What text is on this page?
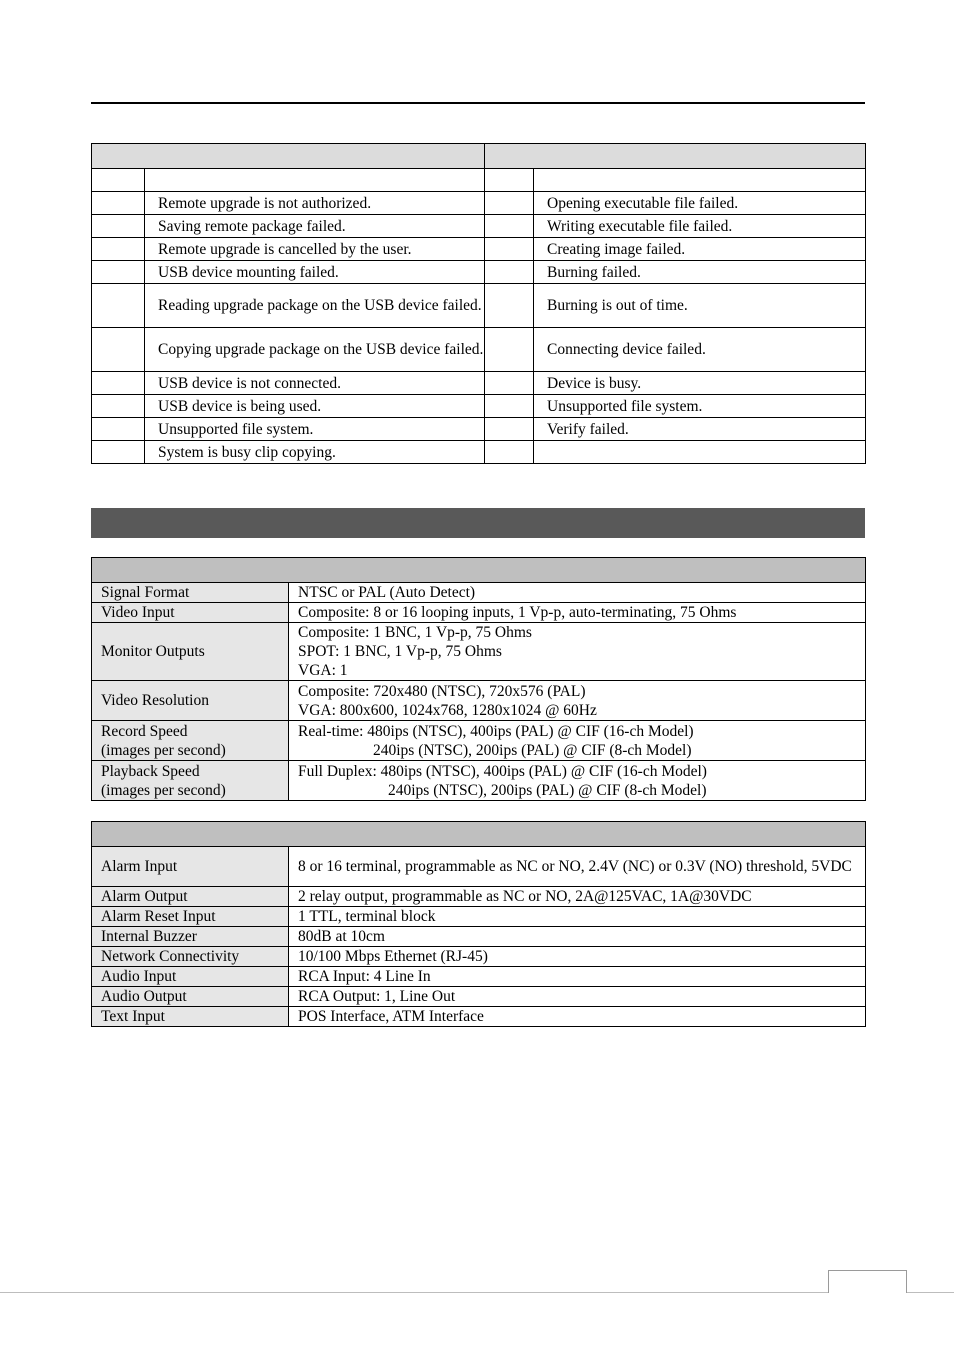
	Remote upgrade is not authorized.		Opening executable file failed.
	Saving remote package failed.		Writing executable file failed.
	Remote upgrade is cancelled by the user.		Creating image failed.
	USB device mounting failed.		Burning failed.
	Reading upgrade package on the USB device failed.		Burning is out of time.
	Copying upgrade package on the USB device failed.		Connecting device failed.
	USB device is not connected.		Device is busy.
	USB device is being used.		Unsupported file system.
	Unsupported file system.		Verify failed.
	System is busy clip copying.		

Signal Format	NTSC or PAL (Auto Detect)
Video Input	Composite: 8 or 16 looping inputs, 1 Vp-p, auto-terminating, 75 Ohms
Monitor Outputs	Composite: 1 BNC, 1 Vp-p, 75 Ohms
SPOT: 1 BNC, 1 Vp-p, 75 Ohms
VGA: 1

Video Resolution	Composite: 720x480 (NTSC), 720x576 (PAL)
VGA: 800x600, 1024x768, 1280x1024 @ 60Hz

Record Speed
(images per second)	Real-time: 480ips (NTSC), 400ips (PAL) @ CIF (16-ch Model)
240ips (NTSC), 200ips (PAL) @ CIF (8-ch Model)

Playback Speed
(images per second)	Full Duplex: 480ips (NTSC), 400ips (PAL) @ CIF (16-ch Model)
240ips (NTSC), 200ips (PAL) @ CIF (8-ch Model)

Alarm Input	8 or 16 terminal, programmable as NC or NO, 2.4V (NC) or 0.3V (NO) threshold, 5VDC
Alarm Output	2 relay output, programmable as NC or NO, 2A@125VAC, 1A@30VDC
Alarm Reset Input	1 TTL, terminal block
Internal Buzzer	80dB at 10cm
Network Connectivity	10/100 Mbps Ethernet (RJ-45)
Audio Input	RCA Input: 4 Line In
Audio Output	RCA Output: 1, Line Out
Text Input	POS Interface, ATM Interface
